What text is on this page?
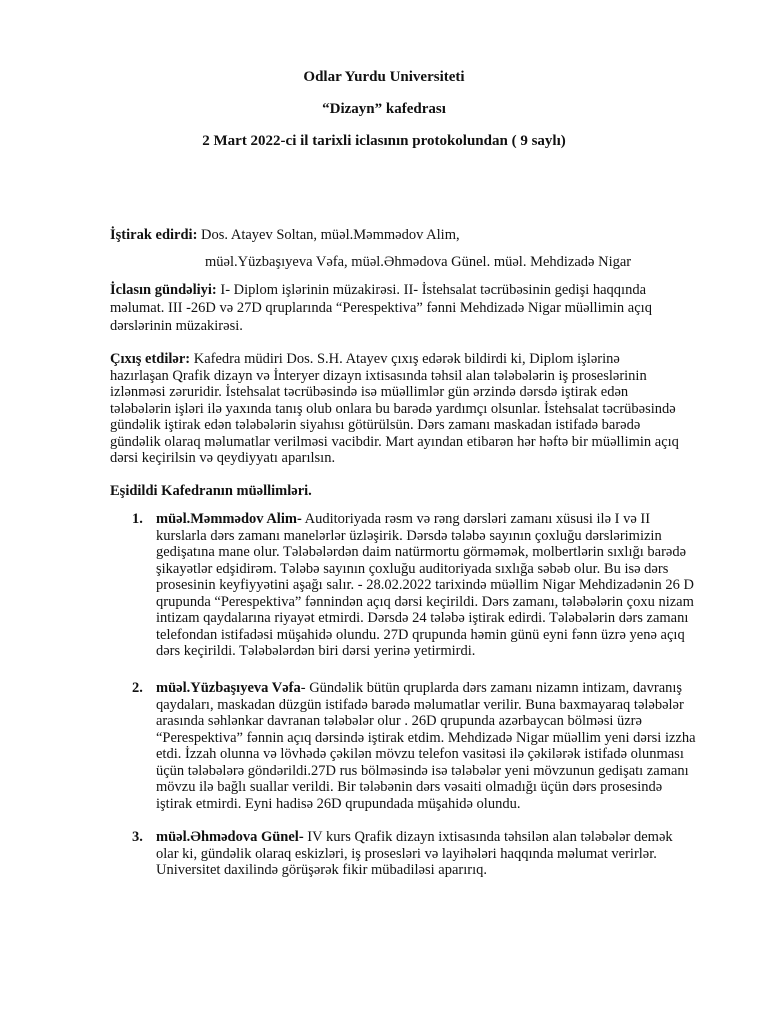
Odlar Yurdu Universiteti
“Dizayn” kafedrası
2 Mart 2022-ci il tarixli iclasının protokolundan ( 9 saylı)
İştirak edirdi: Dos. Atayev Soltan, müəl.Məmmədov Alim,
müəl.Yüzbaşıyeva Vəfa, müəl.Əhmədova Günel. müəl. Mehdizadə Nigar
İclasın gündəliyi: I- Diplom işlərinin müzakirəsi. II- İstehsalat təcrübəsinin gedişi haqqında məlumat. III -26D və 27D qruplarında “Perespektiva” fənni Mehdizadə Nigar müəllimin açıq dərslərinin müzakirəsi.
Çıxış etdilər: Kafedra müdiri Dos. S.H. Atayev çıxış edərək bildirdi ki, Diplom işlərinə hazırlaşan Qrafik dizayn və İnteryer dizayn ixtisasında təhsil alan tələbələrin iş proseslərinin izlənməsi zəruridir. İstehsalat təcrübəsində isə müəllimlər gün ərzində dərsdə iştirak edən tələbələrin işləri ilə yaxında tanış olub onlara bu barədə yardımçı olsunlar. İstehsalat təcrübəsində gündəlik iştirak edən tələbələrin siyahısı götürülsün. Dərs zamanı maskadan istifadə barədə gündəlik olaraq məlumatlar verilməsi vacibdir. Mart ayından etibarən hər həftə bir müəllimin açıq dərsi keçirilsin və qeydiyyatı aparılsın.
Eşidildi Kafedranın müəllimləri.
1. müəl.Məmmədov Alim- Auditoriyada rəsm və rəng dərsləri zamanı xüsusi ilə I və II kurslarla dərs zamanı manelərlər üzləşirik. Dərsdə tələbə sayının çoxluğu dərslərimizin gedişatına mane olur. Tələbələrdən daim natürmortu görməmək, molbertlərin sıxlığı barədə şikayətlər edşidirəm. Tələbə sayının çoxluğu auditoriyada sıxlığa səbəb olur. Bu isə dərs prosesinin keyfiyyətini aşağı salır. - 28.02.2022 tarixində müəllim Nigar Mehdizadənin 26 D qrupunda “Perespektiva” fənnindən açıq dərsi keçirildi. Dərs zamanı, tələbələrin çoxu nizam intizam qaydalarına riyayət etmirdi. Dərsdə 24 tələbə iştirak edirdi. Tələbələrin dərs zamanı telefondan istifadəsi müşahidə olundu. 27D qrupunda həmin günü eyni fənn üzrə yenə açıq dərs keçirildi. Tələbələrdən biri dərsi yerinə yetirmirdi.
2. müəl.Yüzbaşıyeva Vəfa- Gündəlik bütün qruplarda dərs zamanı nizamn intizam, davranış qaydaları, maskadan düzgün istifadə barədə məlumatlar verilir. Buna baxmayaraq tələbələr arasında səhlənkar davranan tələbələr olur . 26D qrupunda azərbaycan bölməsi üzrə “Perespektiva” fənnin açıq dərsində iştirak etdim. Mehdizadə Nigar müəllim yeni dərsi izzha etdi. İzzah olunna və lövhədə çəkilən mövzu telefon vasitəsi ilə çəkilərək istifadə olunması üçün tələbələrə göndərildi.27D rus bölməsində isə tələbələr yeni mövzunun gedişatı zamanı mövzu ilə bağlı suallar verildi. Bir tələbənin dərs vəsaiti olmadığı üçün dərs prosesində iştirak etmirdi. Eyni hadisə 26D qrupundada müşahidə olundu.
3. müəl.Əhmədova Günel- IV kurs Qrafik dizayn ixtisasında təhsilən alan tələbələr demək olar ki, gündəlik olaraq eskizləri, iş prosesləri və layihələri haqqında məlumat verirlər. Universitet daxilində görüşərək fikir mübadiləsi aparırıq.
